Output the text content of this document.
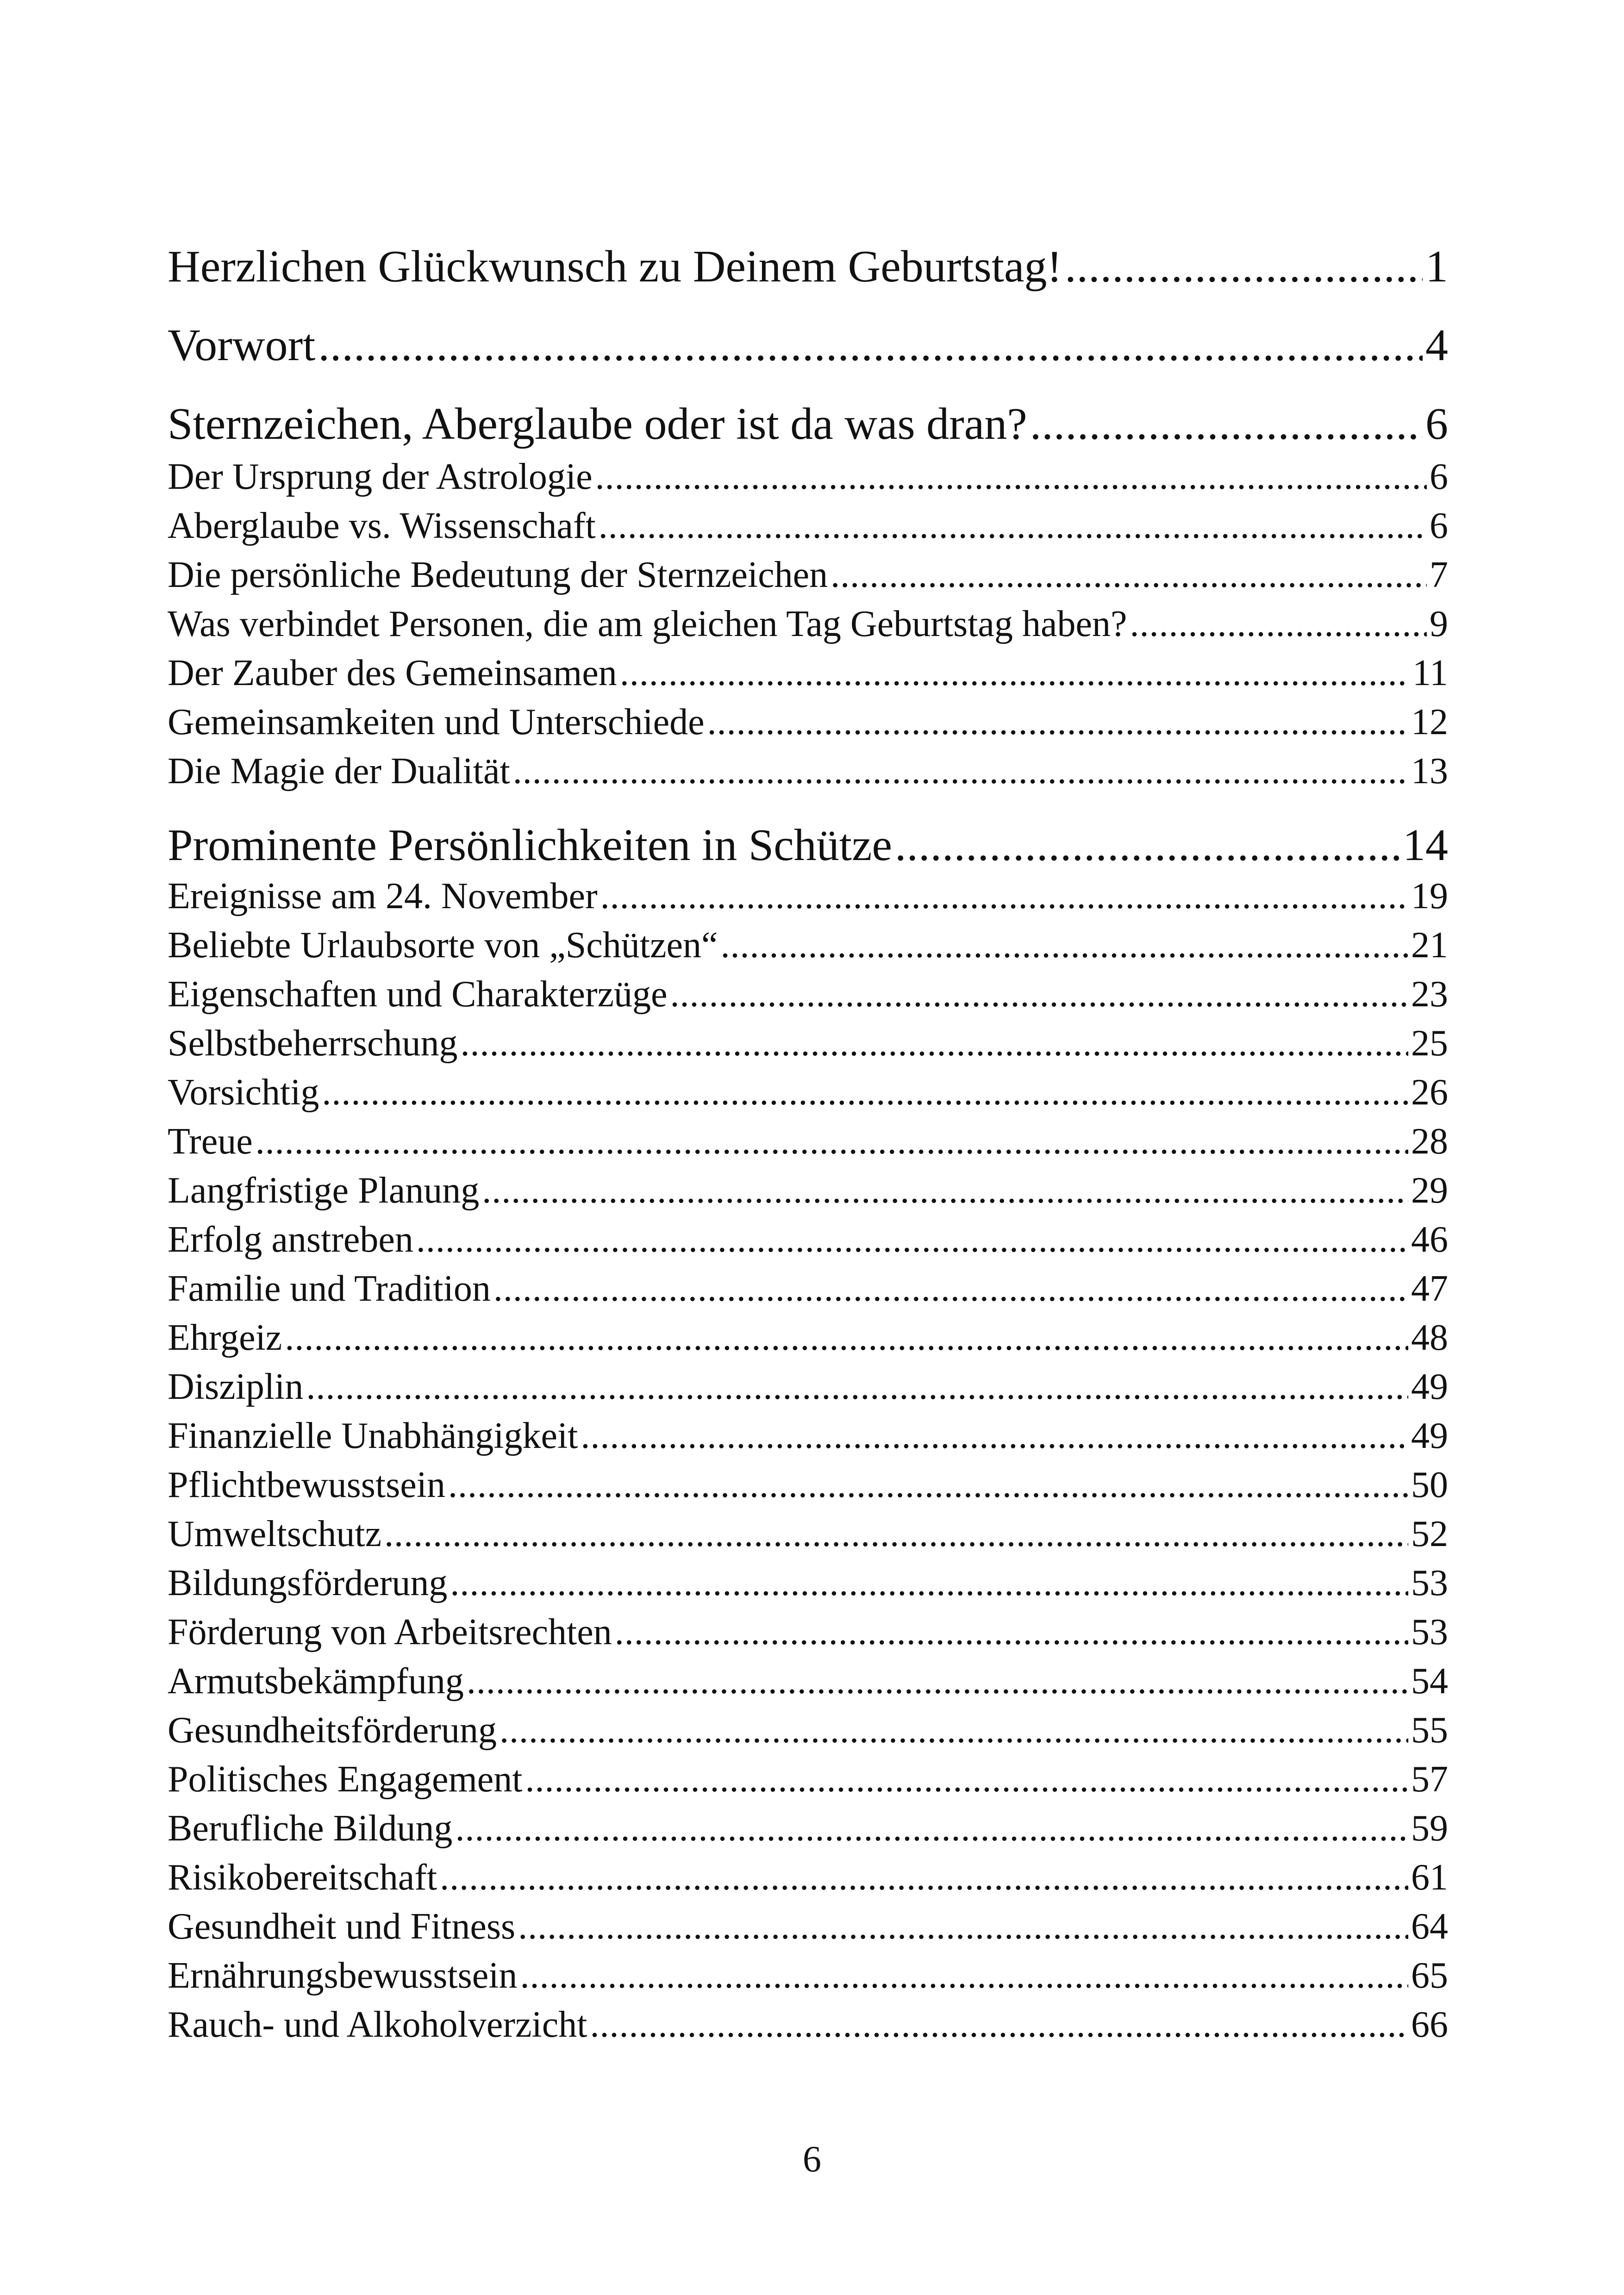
Herzlichen Glückwunsch zu Deinem Geburtstag! .....	1
Vorwort .....	4
Sternzeichen, Aberglaube oder ist da was dran? .....	6
Der Ursprung der Astrologie .....	6
Aberglaube vs. Wissenschaft .....	6
Die persönliche Bedeutung der Sternzeichen .....	7
Was verbindet Personen, die am gleichen Tag Geburtstag haben? .....	9
Der Zauber des Gemeinsamen .....	11
Gemeinsamkeiten und Unterschiede .....	12
Die Magie der Dualität .....	13
Prominente Persönlichkeiten in Schütze .....	14
Ereignisse am 24. November .....	19
Beliebte Urlaubsorte von „Schützen“ .....	21
Eigenschaften und Charakterzüge .....	23
Selbstbeherrschung .....	25
Vorsichtig .....	26
Treue .....	28
Langfristige Planung .....	29
Erfolg anstreben .....	46
Familie und Tradition .....	47
Ehrgeiz .....	48
Disziplin .....	49
Finanzielle Unabhängigkeit .....	49
Pflichtbewusstsein .....	50
Umweltschutz .....	52
Bildungsförderung .....	53
Förderung von Arbeitsrechten .....	53
Armutsbekämpfung .....	54
Gesundheitsförderung .....	55
Politisches Engagement .....	57
Berufliche Bildung .....	59
Risikobereitschaft .....	61
Gesundheit und Fitness .....	64
Ernährungsbewusstsein .....	65
Rauch- und Alkoholverzicht .....	66
6
